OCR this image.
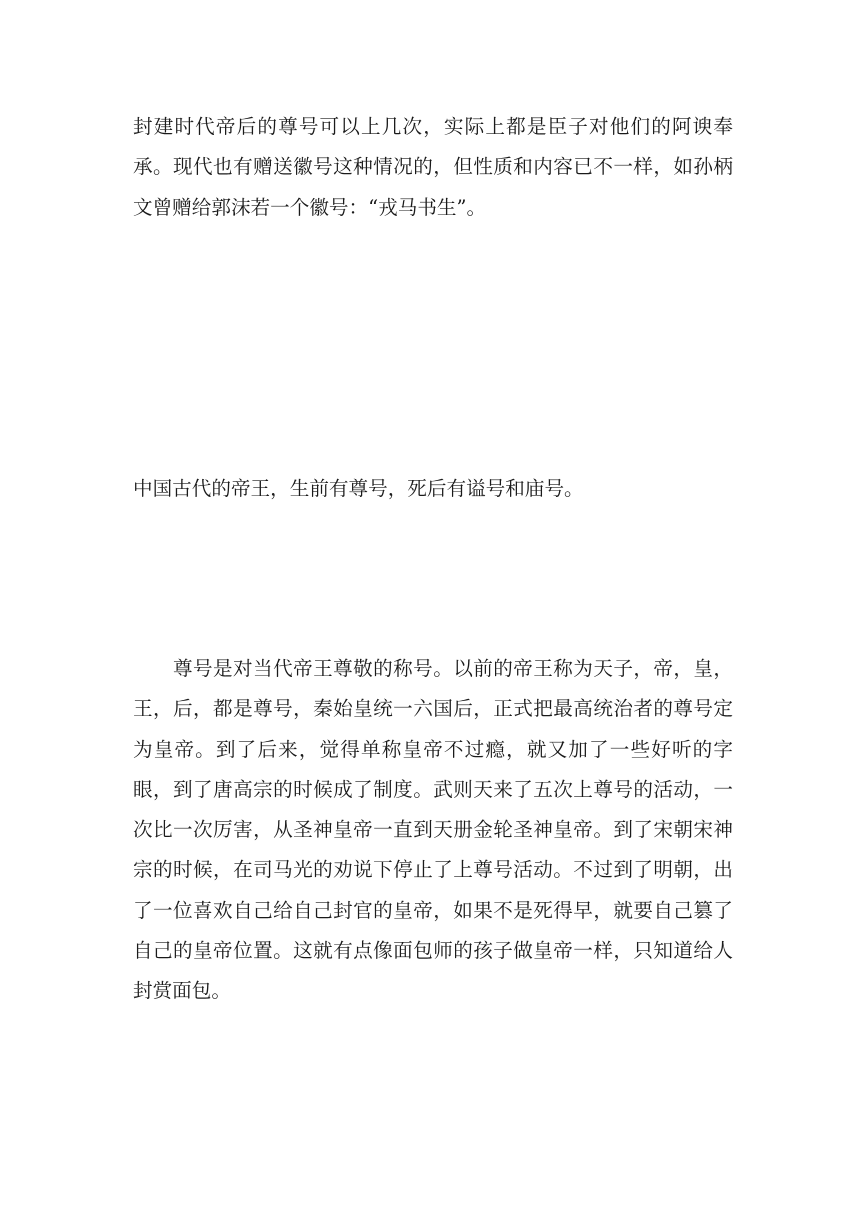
封建时代帝后的尊号可以上几次，实际上都是臣子对他们的阿谀奉承。现代也有赠送徽号这种情况的，但性质和内容已不一样，如孙柄文曾赠给郭沫若一个徽号：“戎马书生”。

中国古代的帝王，生前有尊号，死后有谥号和庙号。

尊号是对当代帝王尊敬的称号。以前的帝王称为天子，帝，皇，王，后，都是尊号，秦始皇统一六国后，正式把最高统治者的尊号定为皇帝。到了后来，觉得单称皇帝不过瘾，就又加了一些好听的字眼，到了唐高宗的时候成了制度。武则天来了五次上尊号的活动，一次比一次厉害，从圣神皇帝一直到天册金轮圣神皇帝。到了宋朝宋神宗的时候，在司马光的劝说下停止了上尊号活动。不过到了明朝，出了一位喜欢自己给自己封官的皇帝，如果不是死得早，就要自己篡了自己的皇帝位置。这就有点像面包师的孩子做皇帝一样，只知道给人封赏面包。
